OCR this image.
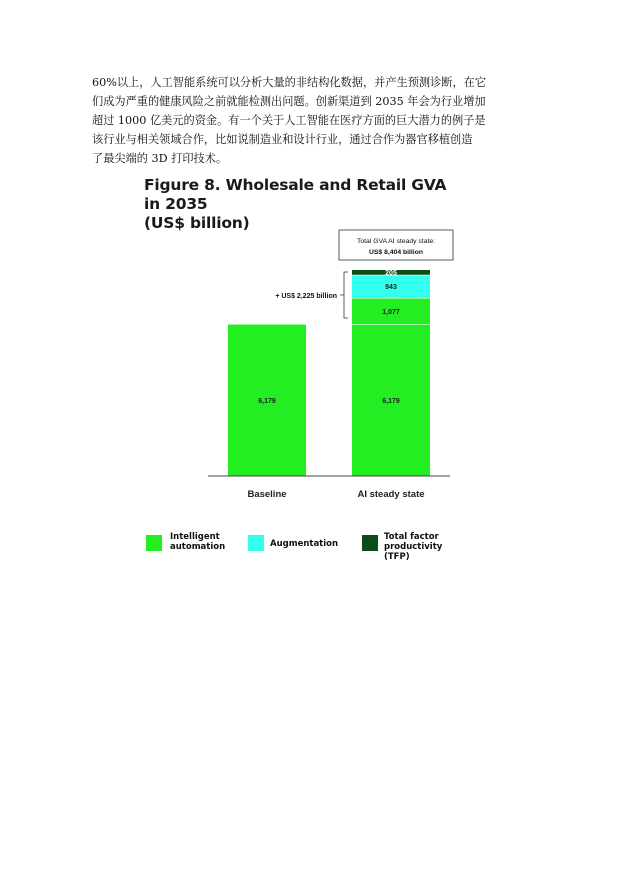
60%以上，人工智能系统可以分析大量的非结构化数据，并产生预测诊断，在它
们成为严重的健康风险之前就能检测出问题。创新渠道到 2035 年会为行业增加
超过 1000 亿美元的资金。有一个关于人工智能在医疗方面的巨大潜力的例子是
该行业与相关领域合作，比如说制造业和设计行业，通过合作为器官移植创造
了最尖端的 3D 打印技术。
Figure 8. Wholesale and Retail GVA in 2035
(US$ billion)
6,179
Baseline
6,179
1,077
943
205
AI steady state
Total GVA AI steady state:
US$ 8,404 billion
+ US$ 2,225 billion
Intelligent
automation	Augmentation
Total factor
productivity (TFP)
